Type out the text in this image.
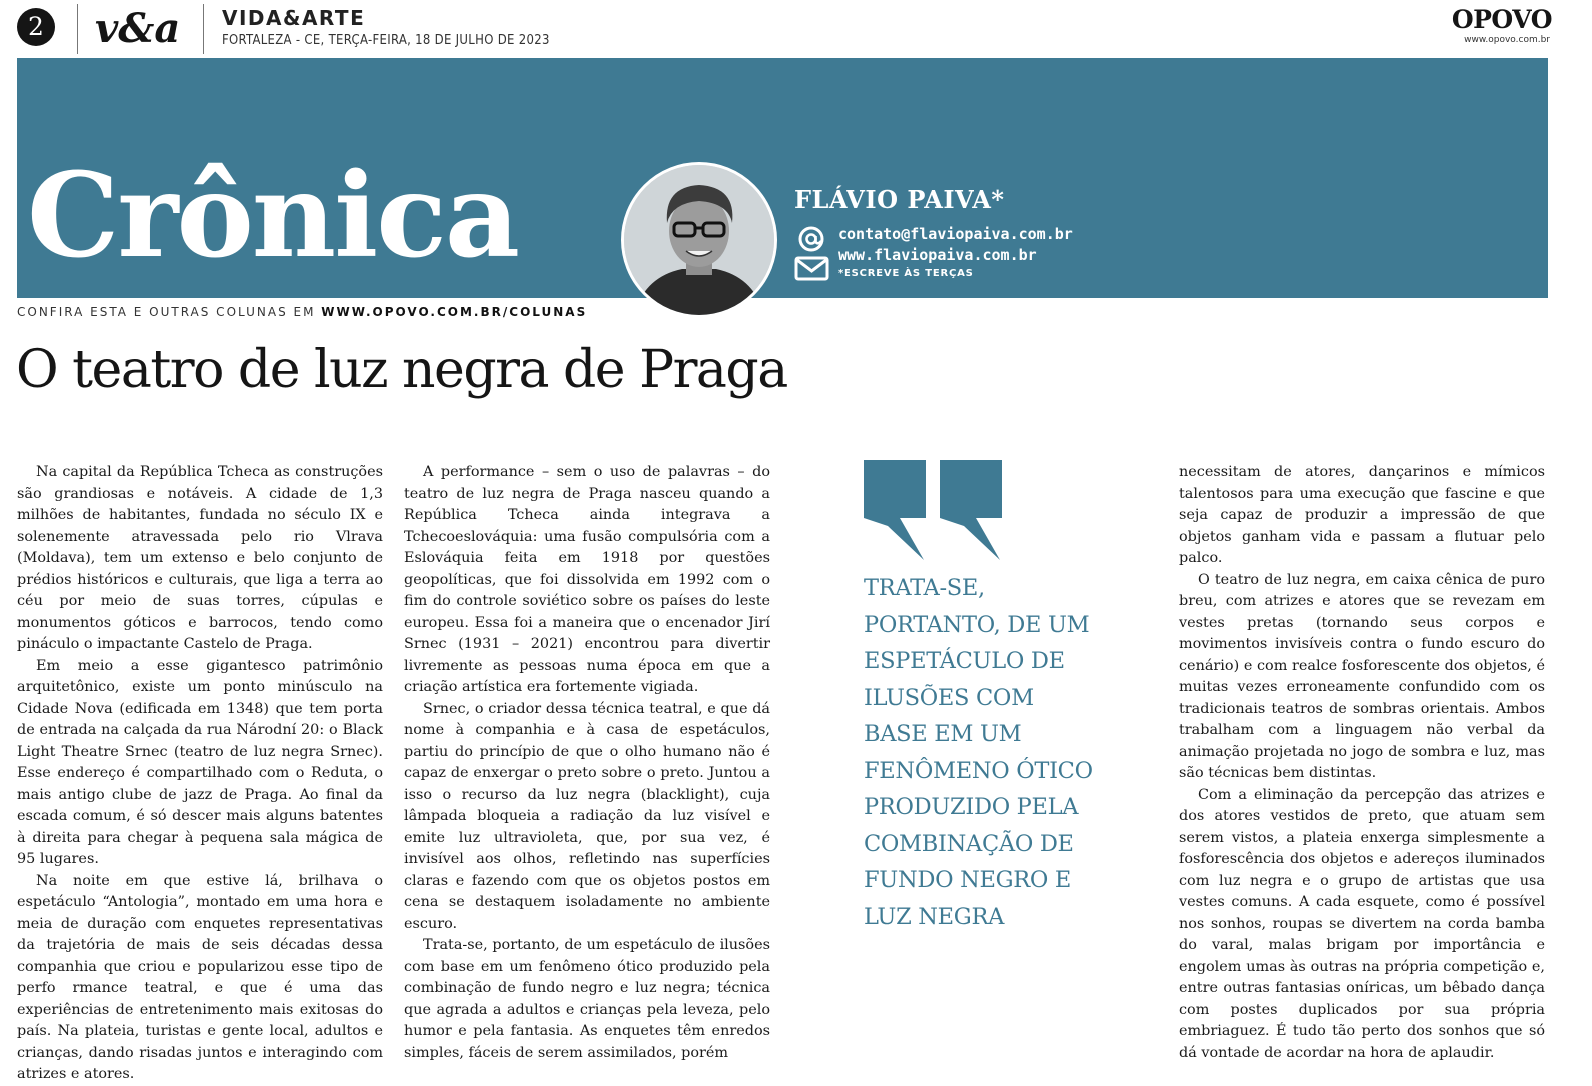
2 v&a VIDA&ARTE
FORTALEZA - CE, TERÇA-FEIRA, 18 DE JULHO DE 2023
OPOVO
www.opovo.com.br
Crônica	FLÁVIO PAIVA*
contato@flaviopaiva.com.br
www.flaviopaiva.com.br
*ESCREVE ÀS TERÇAS
CONFIRA ESTA E OUTRAS COLUNAS EM WWW.OPOVO.COM.BR/COLUNAS
O teatro de luz negra de Praga

Na capital da República Tcheca as construções são grandiosas e notáveis. A cidade de 1,3 milhões de habitantes, fundada no século IX e solenemente atravessada pelo rio Vlrava (Moldava), tem um extenso e belo conjunto de prédios históricos e culturais, que liga a terra ao céu por meio de suas torres, cúpulas e monumentos góticos e barrocos, tendo como pináculo o impactante Castelo de Praga.

Em meio a esse gigantesco patrimônio arquitetônico, existe um ponto minúsculo na Cidade Nova (edificada em 1348) que tem porta de entrada na calçada da rua Národní 20: o Black Light Theatre Srnec (teatro de luz negra Srnec). Esse endereço é compartilhado com o Reduta, o mais antigo clube de jazz de Praga. Ao final da escada comum, é só descer mais alguns batentes à direita para chegar à pequena sala mágica de 95 lugares.

Na noite em que estive lá, brilhava o espetáculo “Antologia”, montado em uma hora e meia de duração com enquetes representativas da trajetória de mais de seis décadas dessa companhia que criou e popularizou esse tipo de perfo rmance teatral, e que é uma das experiências de entretenimento mais exitosas do país. Na plateia, turistas e gente local, adultos e crianças, dando risadas juntos e interagindo com atrizes e atores.

A performance – sem o uso de palavras – do teatro de luz negra de Praga nasceu quando a República Tcheca ainda integrava a Tchecoeslováquia: uma fusão compulsória com a Eslováquia feita em 1918 por questões geopolíticas, que foi dissolvida em 1992 com o fim do controle soviético sobre os países do leste europeu. Essa foi a maneira que o encenador Jirí Srnec (1931 – 2021) encontrou para divertir livremente as pessoas numa época em que a criação artística era fortemente vigiada.

Srnec, o criador dessa técnica teatral, e que dá nome à companhia e à casa de espetáculos, partiu do princípio de que o olho humano não é capaz de enxergar o preto sobre o preto. Juntou a isso o recurso da luz negra (blacklight), cuja lâmpada bloqueia a radiação da luz visível e emite luz ultravioleta, que, por sua vez, é invisível aos olhos, refletindo nas superfícies claras e fazendo com que os objetos postos em cena se destaquem isoladamente no ambiente escuro.

Trata-se, portanto, de um espetáculo de ilusões com base em um fenômeno ótico produzido pela combinação de fundo negro e luz negra; técnica que agrada a adultos e crianças pela leveza, pelo humor e pela fantasia. As enquetes têm enredos simples, fáceis de serem assimilados, porém

TRATA-SE, PORTANTO, DE UM ESPETÁCULO DE ILUSÕES COM BASE EM UM FENÔMENO ÓTICO PRODUZIDO PELA COMBINAÇÃO DE FUNDO NEGRO E LUZ NEGRA

necessitam de atores, dançarinos e mímicos talentosos para uma execução que fascine e que seja capaz de produzir a impressão de que objetos ganham vida e passam a flutuar pelo palco.

O teatro de luz negra, em caixa cênica de puro breu, com atrizes e atores que se revezam em vestes pretas (tornando seus corpos e movimentos invisíveis contra o fundo escuro do cenário) e com realce fosforescente dos objetos, é muitas vezes erroneamente confundido com os tradicionais teatros de sombras orientais. Ambos trabalham com a linguagem não verbal da animação projetada no jogo de sombra e luz, mas são técnicas bem distintas.

Com a eliminação da percepção das atrizes e dos atores vestidos de preto, que atuam sem serem vistos, a plateia enxerga simplesmente a fosforescência dos objetos e adereços iluminados com luz negra e o grupo de artistas que usa vestes comuns. A cada esquete, como é possível nos sonhos, roupas se divertem na corda bamba do varal, malas brigam por importância e engolem umas às outras na própria competição e, entre outras fantasias oníricas, um bêbado dança com postes duplicados por sua própria embriaguez. É tudo tão perto dos sonhos que só dá vontade de acordar na hora de aplaudir.
